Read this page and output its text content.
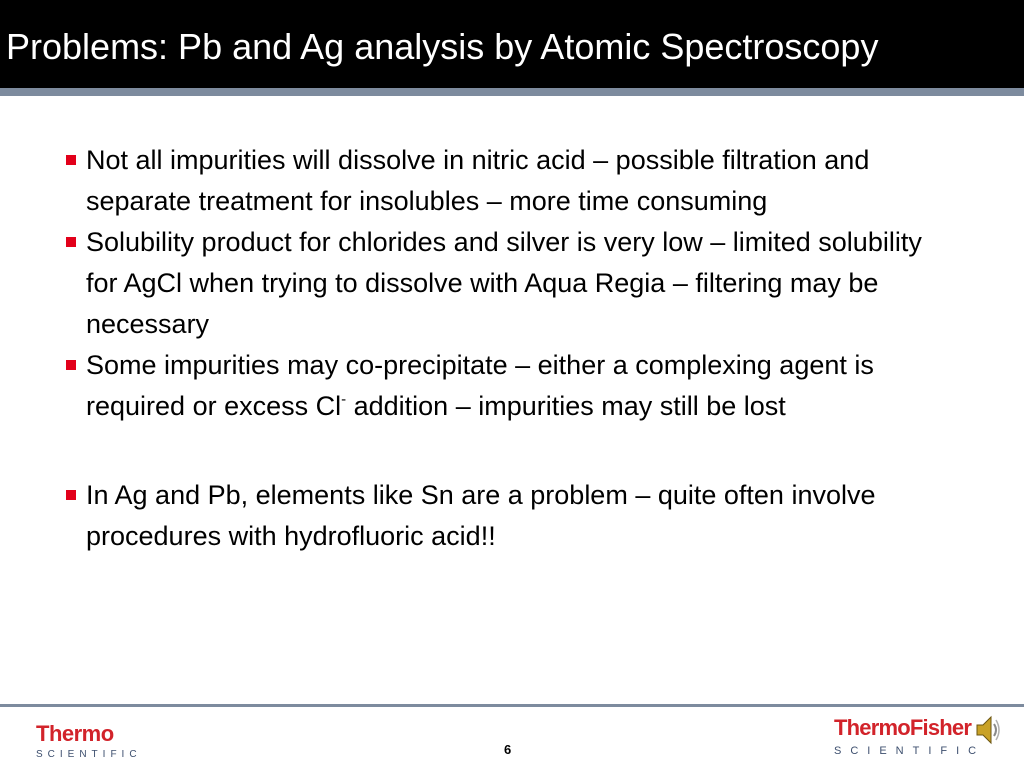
Problems: Pb and Ag analysis by Atomic Spectroscopy
Not all impurities will dissolve in nitric acid – possible filtration and separate treatment for insolubles – more time consuming
Solubility product for chlorides and silver is very low – limited solubility for AgCl when trying to dissolve with Aqua Regia – filtering may be necessary
Some impurities may co-precipitate – either a complexing agent is required or excess Cl- addition – impurities may still be lost
In Ag and Pb, elements like Sn are a problem – quite often involve procedures with hydrofluoric acid!!
Thermo
SCIENTIFIC	6
ThermoFisher
SCIENTIFIC
